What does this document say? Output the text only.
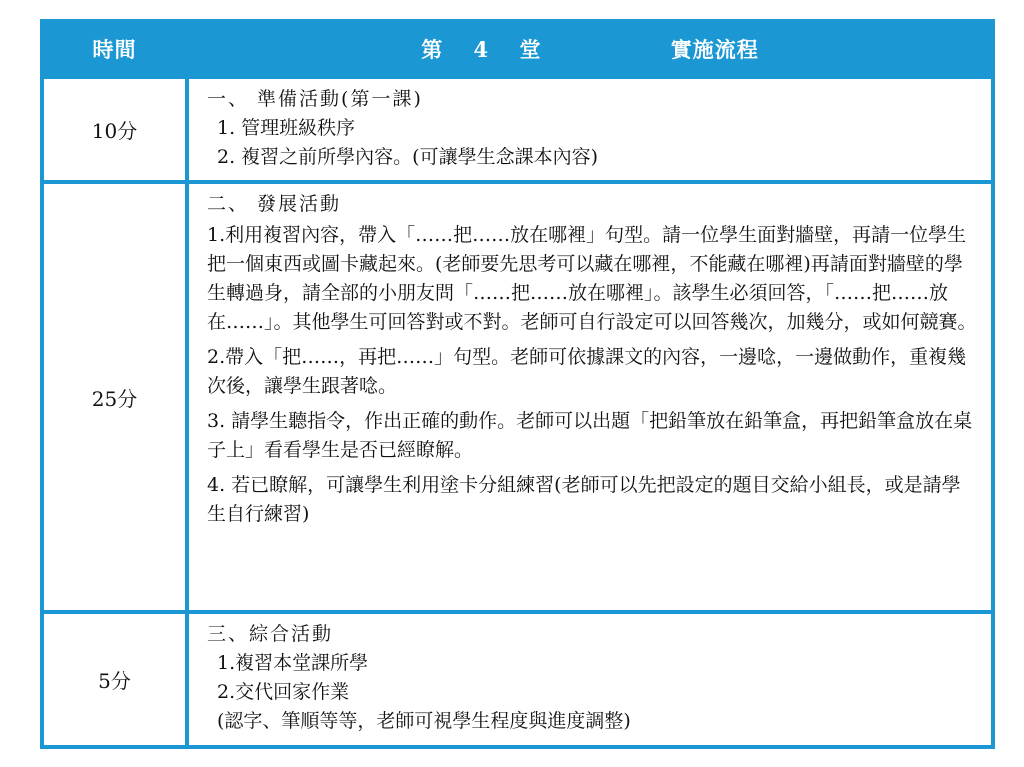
時間	第 4 堂 實施流程
10分	一、 準備活動(第一課)
1. 管理班級秩序
2. 複習之前所學內容。(可讓學生念課本內容)

25分	二、 發展活動

1.利用複習內容，帶入「……把……放在哪裡」句型。請一位學生面對牆壁，再請一位學生把一個東西或圖卡藏起來。(老師要先思考可以藏在哪裡，不能藏在哪裡)再請面對牆壁的學生轉過身，請全部的小朋友問「……把……放在哪裡」。該學生必須回答，「……把……放在……」。其他學生可回答對或不對。老師可自行設定可以回答幾次，加幾分，或如何競賽。

2.帶入「把……，再把……」句型。老師可依據課文的內容，一邊唸，一邊做動作，重複幾次後，讓學生跟著唸。

3. 請學生聽指令，作出正確的動作。老師可以出題「把鉛筆放在鉛筆盒，再把鉛筆盒放在桌子上」看看學生是否已經瞭解。

4. 若已瞭解，可讓學生利用塗卡分組練習(老師可以先把設定的題目交給小組長，或是請學生自行練習)

5分	三、綜合活動
1.複習本堂課所學
2.交代回家作業
(認字、筆順等等，老師可視學生程度與進度調整)
